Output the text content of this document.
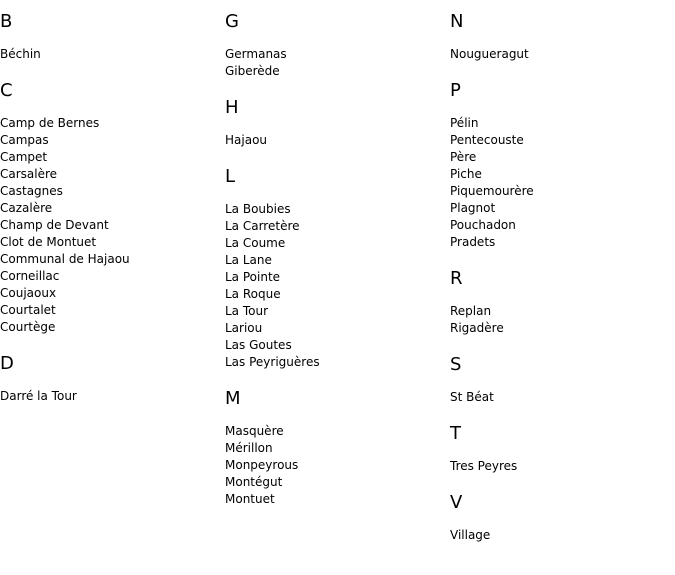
B
Béchin
C
Camp de Bernes
Campas
Campet
Carsalère
Castagnes
Cazalère
Champ de Devant
Clot de Montuet
Communal de Hajaou
Corneillac
Coujaoux
Courtalet
Courtège
D
Darré la Tour
G
Germanas
Giberède
H
Hajaou
L
La Boubies
La Carretère
La Coume
La Lane
La Pointe
La Roque
La Tour
Lariou
Las Goutes
Las Peyriguères
M
Masquère
Mérillon
Monpeyrous
Montégut
Montuet
N
Nougueragut
P
Pélin
Pentecouste
Père
Piche
Piquemourère
Plagnot
Pouchadon
Pradets
R
Replan
Rigadère
S
St Béat
T
Tres Peyres
V
Village
